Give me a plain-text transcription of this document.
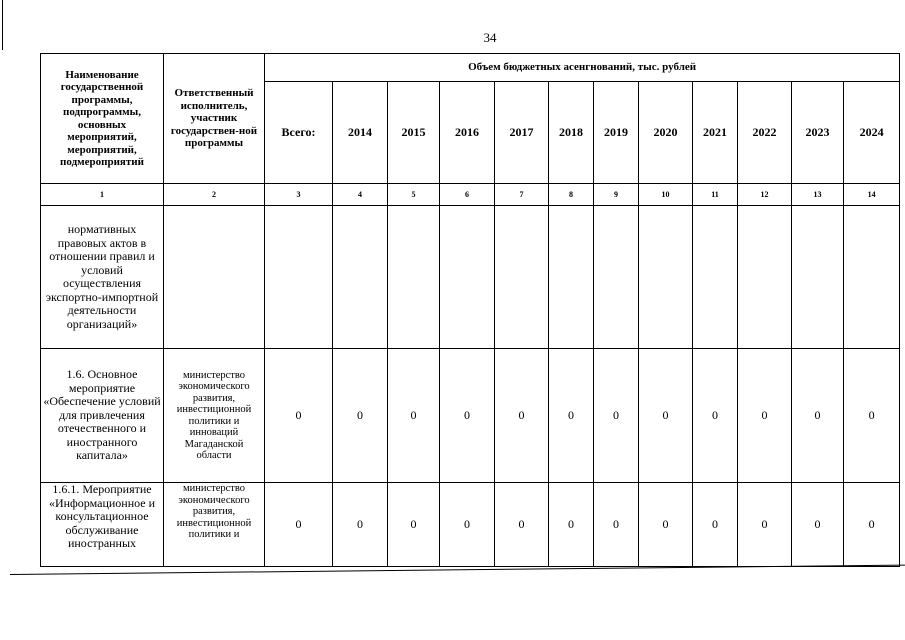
34
Наименование государственной программы, подпрограммы, основных мероприятий, мероприятий, подмероприятий	Ответственный исполнитель, участник государствен-ной программы	Объем бюджетных асенгнований, тыс. рублей											
		Всего:	2014	2015	2016	2017	2018	2019	2020	2021	2022	2023	2024
1	2	3	4	5	6	7	8	9	10	11	12	13	14
нормативных правовых актов в отношении правил и условий осуществления экспортно-импортной деятельности организаций»													
1.6. Основное мероприятие «Обеспечение условий для привлечения отечественного и иностранного капитала»	министерство экономического развития, инвестиционной политики и инноваций Магаданской области	0	0	0	0	0	0	0	0	0	0	0	0
1.6.1. Мероприятие «Информационное и консультационное обслуживание иностранных	министерство экономического развития, инвестиционной политики и	0	0	0	0	0	0	0	0	0	0	0	0
